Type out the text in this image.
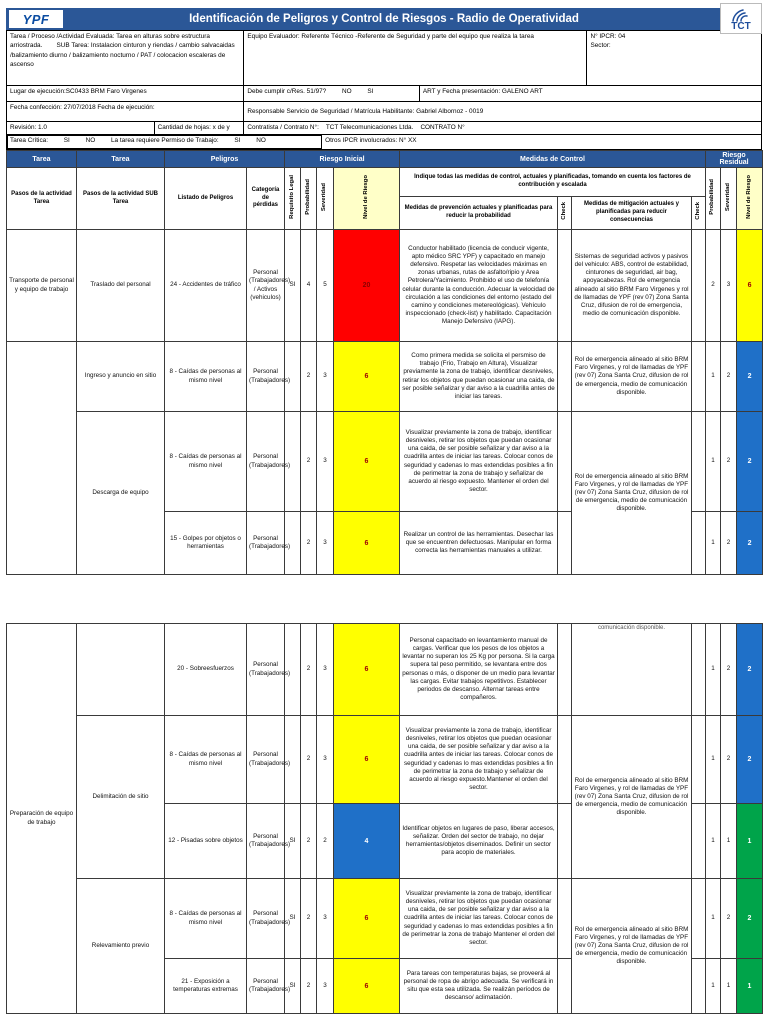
YPF	Identificación de Peligros y Control de Riesgos - Radio de Operatividad
TCT
Tarea / Proceso /Actividad Evaluada: Tarea en alturas sobre estructura arriostrada.        SUB Tarea: Instalacion cinturon y riendas / cambio salvacaidas /balizamiento diurno / balizamiento nocturno / PAT / colocacion escaleras de ascenso
Equipo Evaluador: Referente Técnico -Referente de Seguridad y parte del equipo que realiza la tarea	N° IPCR: 04
Sector:
Lugar de ejecución:SC0433 BRM Faro Virgenes	Debe cumplir c/Res. 51/97? NO SI	ART y Fecha presentación: GALENO ART
Fecha confección: 27/07/2018 Fecha de ejecución:
Responsable Servicio de Seguridad / Matrícula Habilitante: Gabriel Albornoz - 0019
Revisión: 1.0	Cantidad de hojas: x de y	Contratista / Contrato N°:    TCT Telecomunicaciones Ltda.    CONTRATO N°
Tarea Crítica: SI NO La tarea requiere Permiso de Trabajo: SI NO	Otros IPCR involucrados: N° XX
Tarea	Tarea	Peligros		Riesgo Inicial				Medidas de Control				Riesgo Residual		
Pasos de la actividad Tarea	Pasos de la actividad SUB Tarea	Listado de Peligros	Categoría de pérdidas	Requisito Legal	Probabilidad	Severidad	Nivel de Riesgo	Indique todas las medidas de control, actuales y planificadas, tomando en cuenta los factores de contribución y escalada				Probabilidad	Severidad	Nivel de Riesgo
								Medidas de prevención actuales y planificadas para reducir la probabilidad	Check	Medidas de mitigación actuales y planificadas para reducir consecuencias	Check			
Transporte de personal y equipo de trabajo	Traslado del personal	24 - Accidentes de tráfico	Personal (Trabajadores) / Activos (vehiculos)	SI	4	5	20	Conductor habilitado (licencia de conducir vigente, apto médico SRC YPF) y capacitado en manejo defensivo. Respetar las velocidades máximas en zonas urbanas, rutas de asfalto/ripio y Area Petrolera/Yacimiento. Prohibido el uso de telefonía celular durante la conducción. Adecuar la velocidad de circulación a las condiciones del entorno (estado del camino y condiciones metereológicas). Vehículo inspeccionado (check-list) y habilitado. Capacitación Manejo Defensivo (IAPG).		Sistemas de seguridad activos y pasivos del vehiculo: ABS, control de estabilidad, cinturones de seguridad, air bag, apoyacabezas. Rol de emergencia alineado al sitio BRM Faro Virgenes y rol de llamadas de YPF (rev 07) Zona Santa Cruz, difusion de rol de emergencia, medio de comunicación disponible.		2	3	6
	Ingreso y anuncio en sitio	8 - Caídas de personas al mismo nivel	Personal (Trabajadores)		2	3	6	Como primera medida se solicita el persmiso de trabajo (Frio, Trabajo en Altura), Visualizar previamente la zona de trabajo, identificar desniveles, retirar los objetos que puedan ocasionar una caida, de ser posible señalizar y dar aviso a la cuadrilla antes de iniciar las tareas.		Rol de emergencia alineado al sitio BRM Faro Virgenes, y rol de llamadas de YPF (rev 07) Zona Santa Cruz, difusion de rol de emergencia, medio de comunicación disponible.		1	2	2
	Descarga de equipo	8 - Caídas de personas al mismo nivel	Personal (Trabajadores)		2	3	6	Visualizar previamente la zona de trabajo, identificar desniveles, retirar los objetos que puedan ocasionar una caida, de ser posible señalizar y dar aviso a la cuadrilla antes de iniciar las tareas. Colocar conos de seguridad y cadenas lo mas extendidas posibles a fin de perimetrar la zona de trabajo y señalizar de acuerdo al riesgo expuesto. Mantener el orden del sector.		Rol de emergencia alineado al sitio BRM Faro Virgenes, y rol de llamadas de YPF (rev 07) Zona Santa Cruz, difusion de rol de emergencia, medio de comunicación disponible.		1	2	2
		15 - Golpes por objetos o herramientas	Personal (Trabajadores)		2	3	6	Realizar un control de las herramientas. Desechar las que se encuentren defectuosas. Manipular en forma correcta las herramientas manuales a utilizar.				1	2	2
Preparación de equipo de trabajo		20 - Sobreesfuerzos	Personal (Trabajadores)		2	3	6	Personal capacitado en levantamiento manual de cargas. Verificar que los pesos de los objetos a levantar no superan los 25 Kg por persona. Si la carga supera tal peso permitido, se levantara entre dos personas o más, o disponer de un medio para levantar las cargas. Evitar trabajos repetitivos. Establecer periodos de descanso. Alternar tareas entre compañeros.		comunicación disponible.		1	2	2
	Delimitación de sitio	8 - Caídas de personas al mismo nivel	Personal (Trabajadores)		2	3	6	Visualizar previamente la zona de trabajo, identificar desniveles, retirar los objetos que puedan ocasionar una caida, de ser posible señalizar y dar aviso a la cuadrilla antes de iniciar las tareas. Colocar conos de seguridad y cadenas lo mas extendidas posibles a fin de perimetrar la zona de trabajo y señalizar de acuerdo al riesgo expuesto.Mantener el orden del sector.		Rol de emergencia alineado al sitio BRM Faro Virgenes, y rol de llamadas de YPF (rev 07) Zona Santa Cruz, difusion de rol de emergencia, medio de comunicación disponible.		1	2	2
		12 - Pisadas sobre objetos	Personal (Trabajadores)	SI	2	2	4	Identificar objetos en lugares de paso, liberar accesos, señalizar. Orden del sector de trabajo, no dejar herramientas/objetos diseminados. Definir un sector para acopio de materiales.				1	1	1
	Relevamiento previo	8 - Caídas de personas al mismo nivel	Personal (Trabajadores)	SI	2	3	6	Visualizar previamente la zona de trabajo, identificar desniveles, retirar los objetos que puedan ocasionar una caida, de ser posible señalizar y dar aviso a la cuadrilla antes de iniciar las tareas. Colocar conos de seguridad y cadenas lo mas extendidas posibles a fin de perimetrar la zona de trabajo Mantener el orden del sector.		Rol de emergencia alineado al sitio BRM Faro Virgenes, y rol de llamadas de YPF (rev 07) Zona Santa Cruz, difusion de rol de emergencia, medio de comunicación disponible.		1	2	2
		21 - Exposición a temperaturas extremas	Personal (Trabajadores)	SI	2	3	6	Para tareas con temperaturas bajas, se proveerá al personal de ropa de abrigo adecuada. Se verificará in situ que esta sea utilizada. Se realizán períodos de descanso/ aclimatación.				1	1	1
